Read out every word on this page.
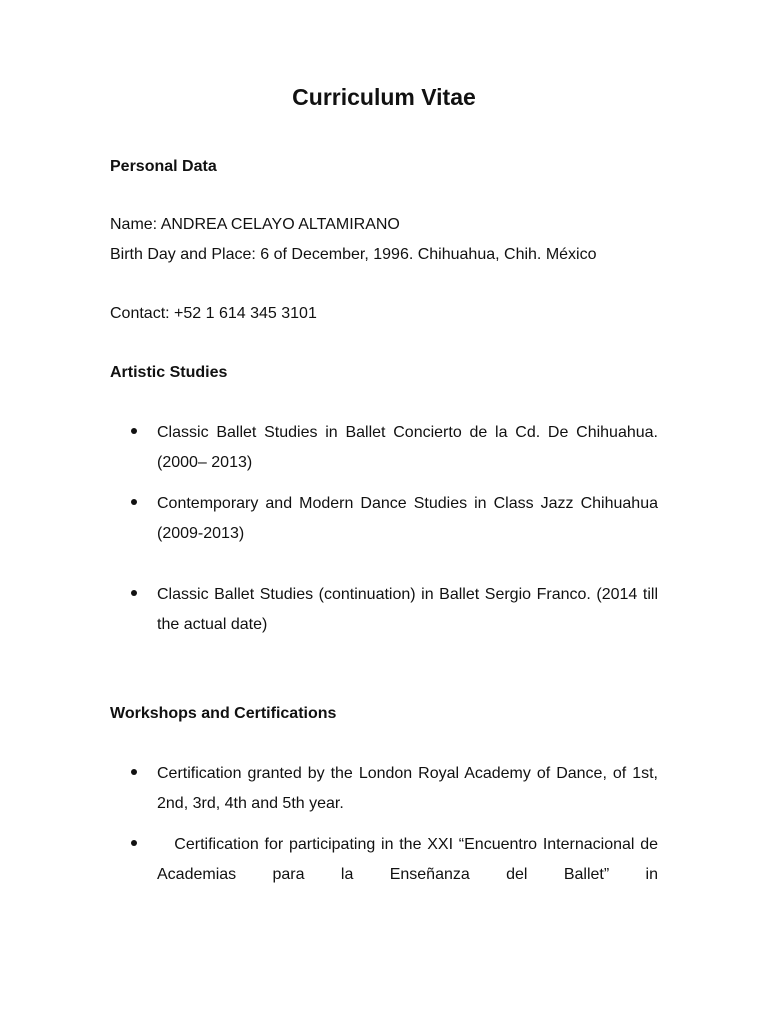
Curriculum Vitae
Personal Data

Name: ANDREA CELAYO ALTAMIRANO

Birth Day and Place: 6 of December, 1996. Chihuahua, Chih. México

Contact: +52 1 614 345 3101

Artistic Studies

Classic Ballet Studies in Ballet Concierto de la Cd. De Chihuahua. (2000– 2013)

Contemporary and Modern Dance Studies in Class Jazz Chihuahua (2009-2013)

Classic Ballet Studies (continuation) in Ballet Sergio Franco. (2014 till the actual date)

Workshops and Certifications

Certification granted by the London Royal Academy of Dance, of 1st, 2nd, 3rd, 4th and 5th year.

Certification for participating in the XXI “Encuentro Internacional de Academias para la Enseñanza del Ballet” in
